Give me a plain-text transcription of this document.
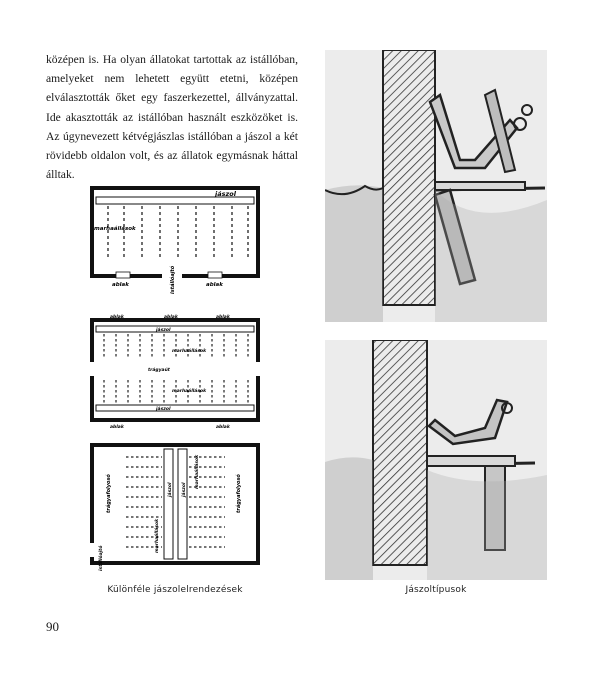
középen is. Ha olyan állatokat tartottak az istállóban, amelyeket nem lehetett együtt etetni, középen elválasztották őket egy faszerkezettel, állványzattal. Ide akasztották az istállóban használt eszközöket is. Az úgynevezett kétvégjászlas istállóban a jászol a két rövidebb oldalon volt, és az állatok egymásnak háttal álltak.

jászol
marhaállások
istállóajtó
ablak	ablak
ablak	ablak	ablak
jászol
marhaállások
trágyaút
marhaállások
jászol
ablak	ablak
trágyafolyosó	trágyafolyosó
marhaállások
marhaállások
jászol	jászol
istállóajtó
Különféle jászolelrendezések	Jászoltípusok
90
